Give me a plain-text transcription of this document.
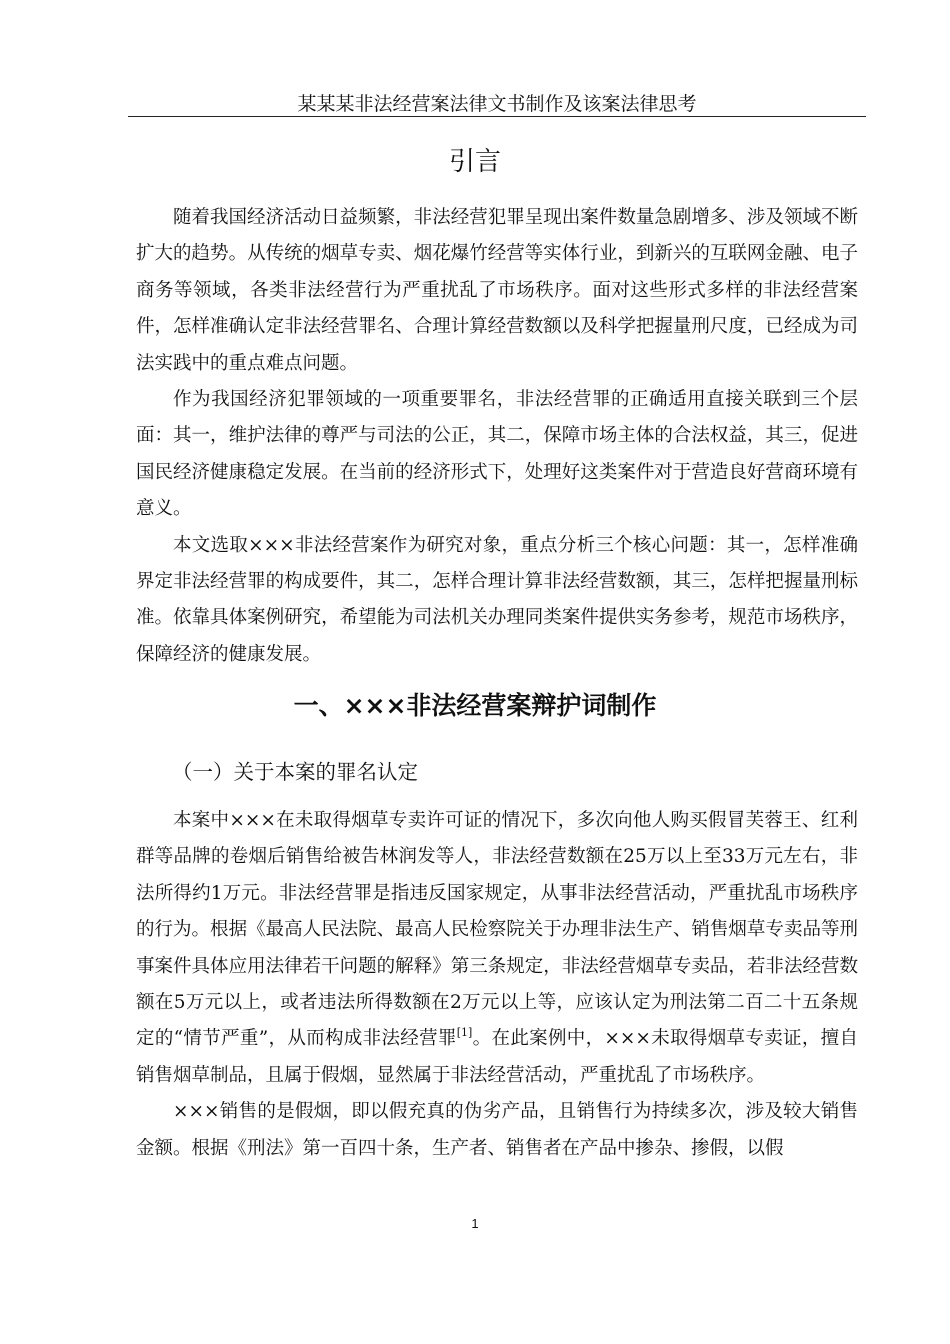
某某某非法经营案法律文书制作及该案法律思考
引言

随着我国经济活动日益频繁，非法经营犯罪呈现出案件数量急剧增多、涉及领域不断扩大的趋势。从传统的烟草专卖、烟花爆竹经营等实体行业，到新兴的互联网金融、电子商务等领域，各类非法经营行为严重扰乱了市场秩序。面对这些形式多样的非法经营案件，怎样准确认定非法经营罪名、合理计算经营数额以及科学把握量刑尺度，已经成为司法实践中的重点难点问题。

作为我国经济犯罪领域的一项重要罪名，非法经营罪的正确适用直接关联到三个层面：其一，维护法律的尊严与司法的公正，其二，保障市场主体的合法权益，其三，促进国民经济健康稳定发展。在当前的经济形式下，处理好这类案件对于营造良好营商环境有意义。

本文选取×××非法经营案作为研究对象，重点分析三个核心问题：其一，怎样准确界定非法经营罪的构成要件，其二，怎样合理计算非法经营数额，其三，怎样把握量刑标准。依靠具体案例研究，希望能为司法机关办理同类案件提供实务参考，规范市场秩序，保障经济的健康发展。

一、×××非法经营案辩护词制作
（一）关于本案的罪名认定

本案中×××在未取得烟草专卖许可证的情况下，多次向他人购买假冒芙蓉王、红利群等品牌的卷烟后销售给被告林润发等人，非法经营数额在25万以上至33万元左右，非法所得约1万元。非法经营罪是指违反国家规定，从事非法经营活动，严重扰乱市场秩序的行为。根据《最高人民法院、最高人民检察院关于办理非法生产、销售烟草专卖品等刑事案件具体应用法律若干问题的解释》第三条规定，非法经营烟草专卖品，若非法经营数额在5万元以上，或者违法所得数额在2万元以上等，应该认定为刑法第二百二十五条规定的“情节严重”，从而构成非法经营罪[1]。在此案例中，×××未取得烟草专卖证，擅自销售烟草制品，且属于假烟，显然属于非法经营活动，严重扰乱了市场秩序。

×××销售的是假烟，即以假充真的伪劣产品，且销售行为持续多次，涉及较大销售金额。根据《刑法》第一百四十条，生产者、销售者在产品中掺杂、掺假，以假

1
